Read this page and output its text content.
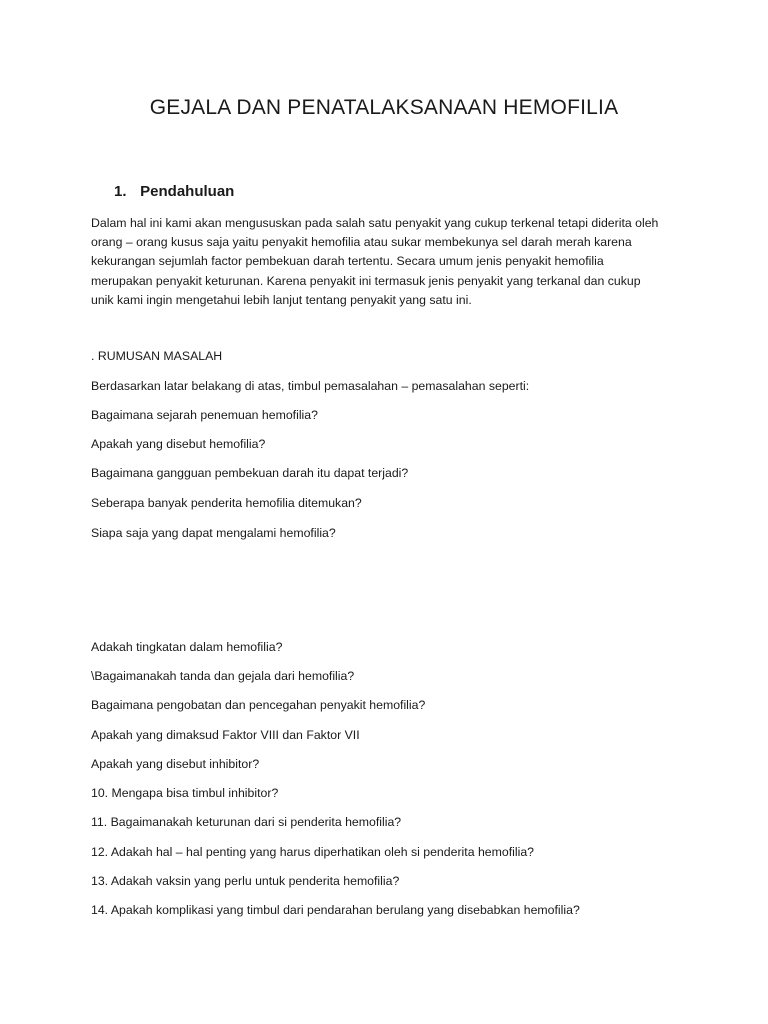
GEJALA DAN PENATALAKSANAAN HEMOFILIA
1. Pendahuluan
Dalam hal ini kami akan mengususkan pada salah satu penyakit yang cukup terkenal tetapi diderita oleh
orang – orang kusus saja yaitu penyakit hemofilia atau sukar membekunya sel darah merah karena
kekurangan sejumlah factor pembekuan darah tertentu. Secara umum jenis penyakit hemofilia
merupakan penyakit keturunan. Karena penyakit ini termasuk jenis penyakit yang terkanal dan cukup
unik kami ingin mengetahui lebih lanjut tentang penyakit yang satu ini.
. RUMUSAN MASALAH
Berdasarkan latar belakang di atas, timbul pemasalahan – pemasalahan seperti:
Bagaimana sejarah penemuan hemofilia?
Apakah yang disebut hemofilia?
Bagaimana gangguan pembekuan darah itu dapat terjadi?
Seberapa banyak penderita hemofilia ditemukan?
Siapa saja yang dapat mengalami hemofilia?
Adakah tingkatan dalam hemofilia?
\Bagaimanakah tanda dan gejala dari hemofilia?
Bagaimana pengobatan dan pencegahan penyakit hemofilia?
Apakah yang dimaksud Faktor VIII dan Faktor VII
Apakah yang disebut inhibitor?
10. Mengapa bisa timbul inhibitor?
11. Bagaimanakah keturunan dari si penderita hemofilia?
12. Adakah hal – hal penting yang harus diperhatikan oleh si penderita hemofilia?
13. Adakah vaksin yang perlu untuk penderita hemofilia?
14. Apakah komplikasi yang timbul dari pendarahan berulang yang disebabkan hemofilia?
